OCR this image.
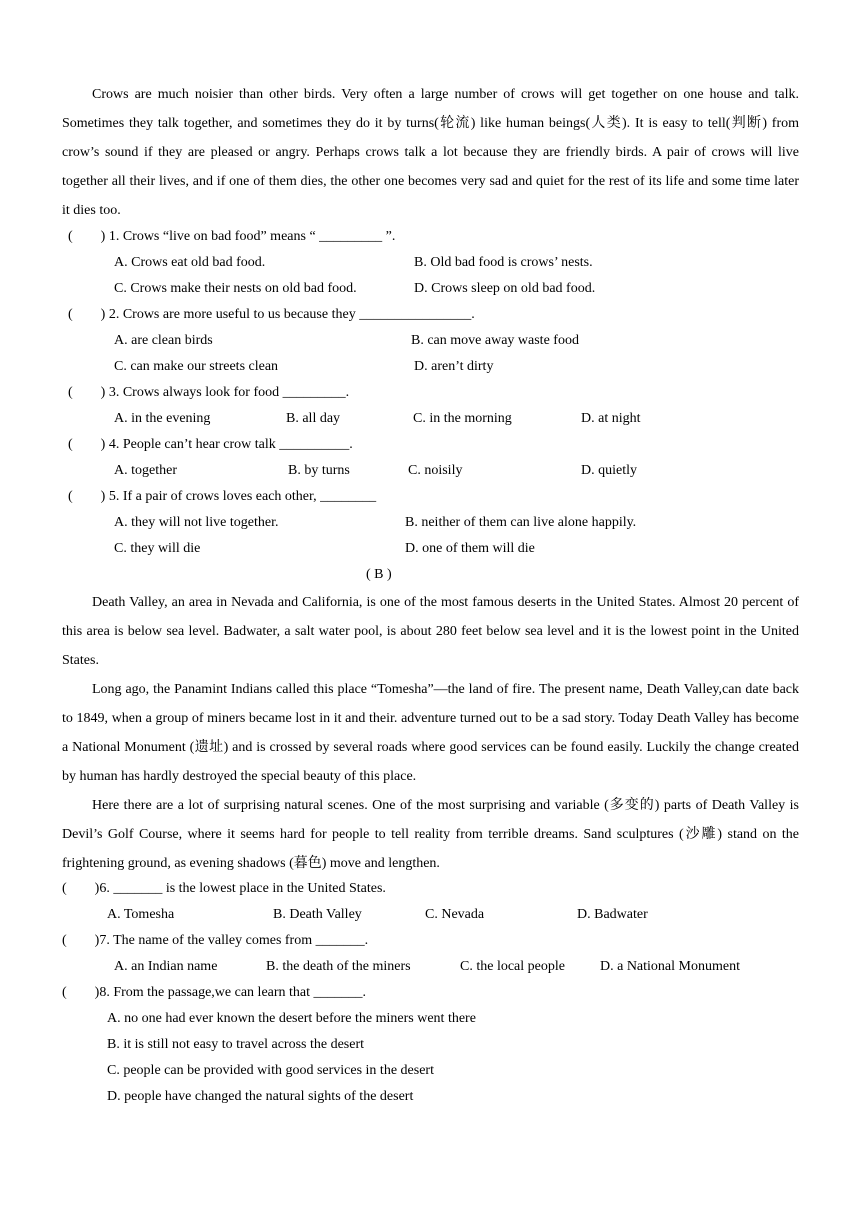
Crows are much noisier than other birds. Very often a large number of crows will get together on one house and talk. Sometimes they talk together, and sometimes they do it by turns(轮流) like human beings(人类). It is easy to tell(判断) from crow’s sound if they are pleased or angry. Perhaps crows talk a lot because they are friendly birds. A pair of crows will live together all their lives, and if one of them dies, the other one becomes very sad and quiet for the rest of its life and some time later it dies too.

(        ) 1. Crows “live on bad food” means “ _________ ”.
A. Crows eat old bad food.	B. Old bad food is crows’ nests.
C. Crows make their nests on old bad food.	D. Crows sleep on old bad food.
(        ) 2. Crows are more useful to us because they ________________.
A. are clean birds	B. can move away waste food
C. can make our streets clean	D. aren’t dirty
(        ) 3. Crows always look for food _________.
A. in the evening	B. all day	C. in the morning	D. at night
(        ) 4. People can’t hear crow talk __________.
A. together	B. by turns	C. noisily	D. quietly
(        ) 5. If a pair of crows loves each other, ________
A. they will not live together.	B. neither of them can live alone happily.
C. they will die	D. one of them will die
( B )

Death Valley, an area in Nevada and California, is one of the most famous deserts in the United States. Almost 20 percent of this area is below sea level. Badwater, a salt water pool, is about 280 feet below sea level and it is the lowest point in the United States.

Long ago, the Panamint Indians called this place “Tomesha”—the land of fire. The present name, Death Valley,can date back to 1849, when a group of miners became lost in it and their. adventure turned out to be a sad story. Today Death Valley has become a National Monument (遗址) and is crossed by several roads where good services can be found easily. Luckily the change created by human has hardly destroyed the special beauty of this place.

Here there are a lot of surprising natural scenes. One of the most surprising and variable (多变的) parts of Death Valley is Devil’s Golf Course, where it seems hard for people to tell reality from terrible dreams. Sand sculptures (沙雕) stand on the frightening ground, as evening shadows (暮色) move and lengthen.

(        )6. _______ is the lowest place in the United States.
A. Tomesha	B. Death Valley	C. Nevada	D. Badwater
(        )7. The name of the valley comes from _______.
A. an Indian name	B. the death of the miners	C. the local people	D. a National Monument
(        )8. From the passage,we can learn that _______.
A. no one had ever known the desert before the miners went there
B. it is still not easy to travel across the desert
C. people can be provided with good services in the desert
D. people have changed the natural sights of the desert
